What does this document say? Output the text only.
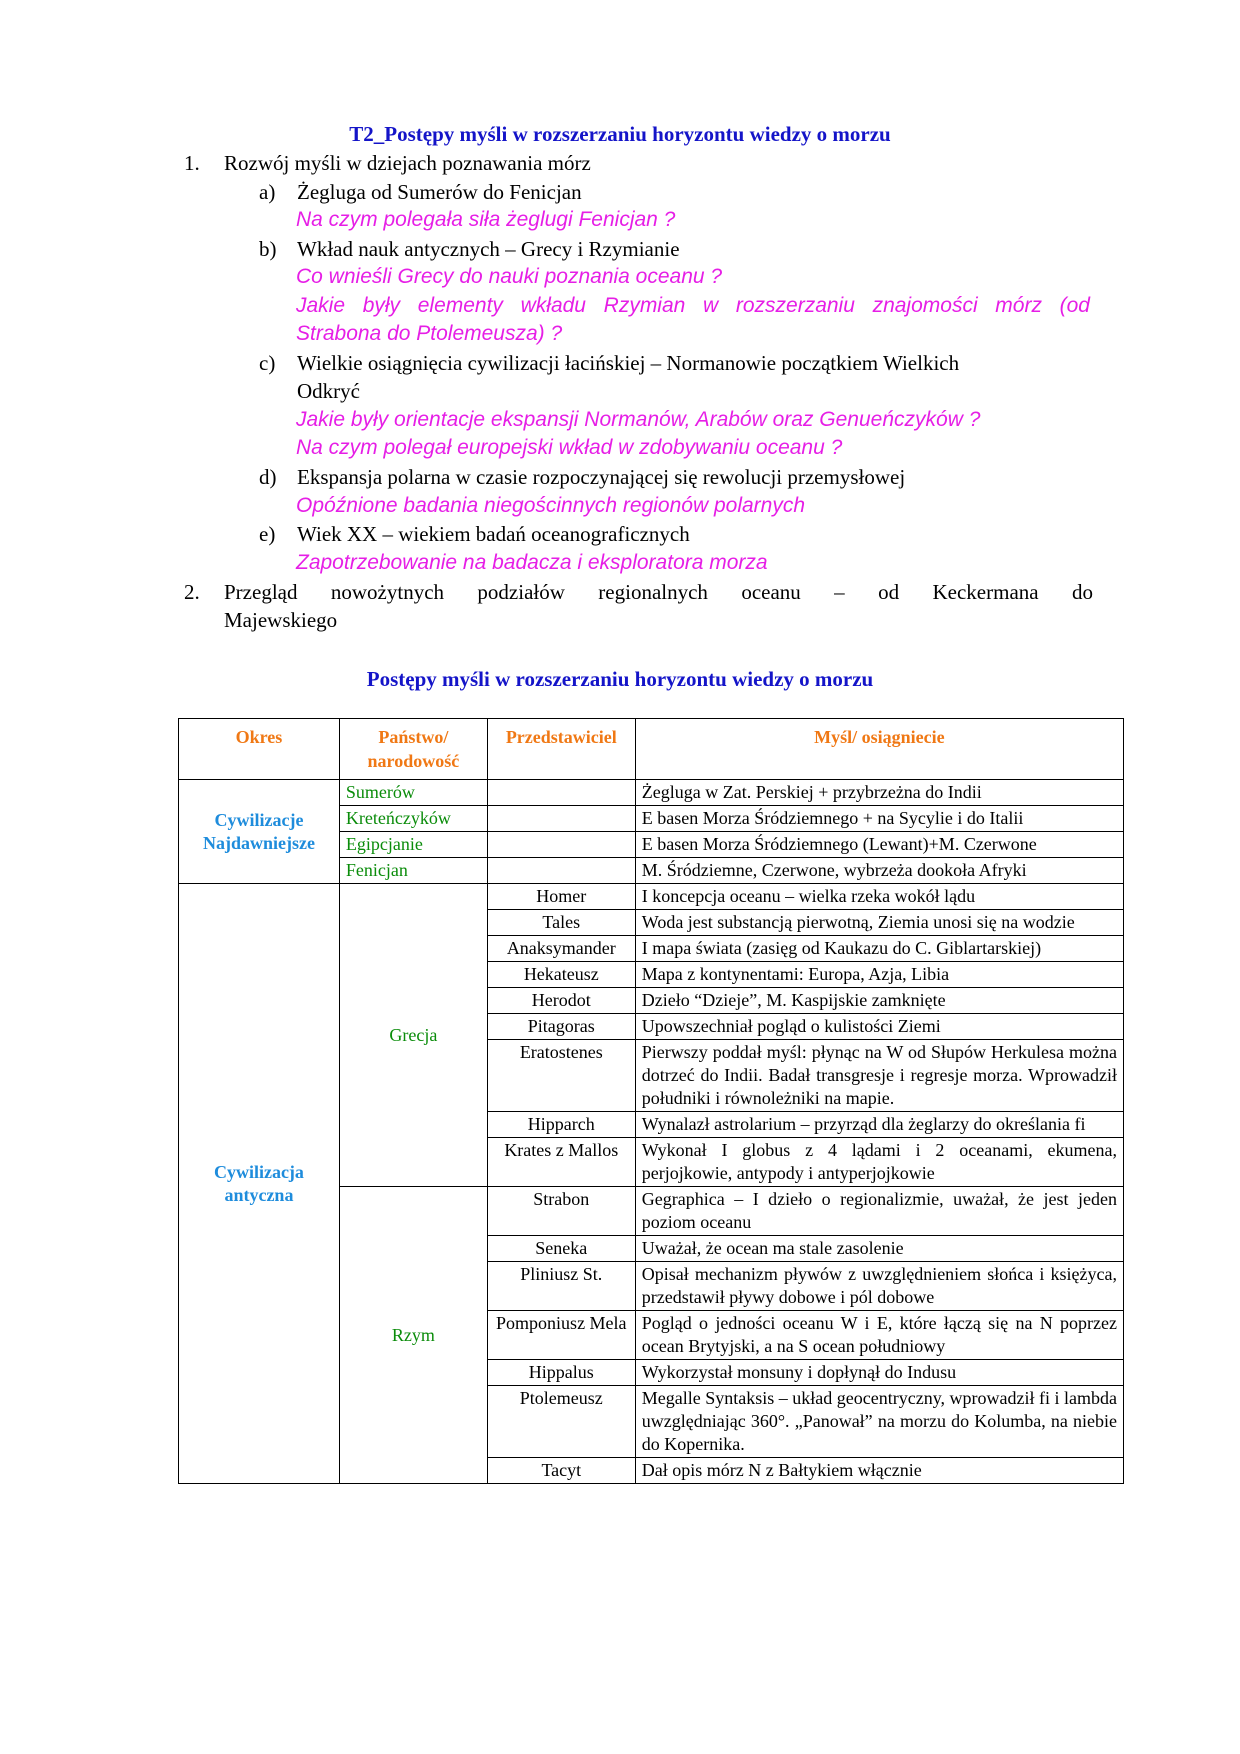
T2_Postępy myśli w rozszerzaniu horyzontu wiedzy o morzu
1. Rozwój myśli w dziejach poznawania mórz
a) Żegluga od Sumerów do Fenicjan
Na czym polegała siła żeglugi Fenicjan ?
b) Wkład nauk antycznych – Grecy i Rzymianie
Co wnieśli Grecy do nauki poznania oceanu ?
Jakie były elementy wkładu Rzymian w rozszerzaniu znajomości mórz (od
Strabona do Ptolemeusza) ?
c) Wielkie osiągnięcia cywilizacji łacińskiej – Normanowie początkiem Wielkich
Odkryć
Jakie były orientacje ekspansji Normanów, Arabów oraz Genueńczyków ?
Na czym polegał europejski wkład w zdobywaniu oceanu ?
d) Ekspansja polarna w czasie rozpoczynającej się rewolucji przemysłowej
Opóźnione badania niegościnnych regionów polarnych
e) Wiek XX – wiekiem badań oceanograficznych
Zapotrzebowanie na badacza i eksploratora morza
2. Przegląd nowożytnych podziałów regionalnych oceanu – od Keckermana do
Majewskiego
Postępy myśli w rozszerzaniu horyzontu wiedzy o morzu
Okres	Państwo/ narodowość	Przedstawiciel	Myśl/ osiągniecie
Cywilizacje Najdawniejsze	Sumerów		Żegluga w Zat. Perskiej + przybrzeżna do Indii
	Kreteńczyków		E basen Morza Śródziemnego + na Sycylie i do Italii
	Egipcjanie		E basen Morza Śródziemnego (Lewant)+M. Czerwone
	Fenicjan		M. Śródziemne, Czerwone, wybrzeża dookoła Afryki
Cywilizacja antyczna	Grecja	Homer	I koncepcja oceanu – wielka rzeka wokół lądu
		Tales	Woda jest substancją pierwotną, Ziemia unosi się na wodzie
		Anaksymander	I mapa świata (zasięg od Kaukazu do C. Giblartarskiej)
		Hekateusz	Mapa z kontynentami: Europa, Azja, Libia
		Herodot	Dzieło “Dzieje”, M. Kaspijskie zamknięte
		Pitagoras	Upowszechniał pogląd o kulistości Ziemi
		Eratostenes	Pierwszy poddał myśl: płynąc na W od Słupów Herkulesa można dotrzeć do Indii. Badał transgresje i regresje morza. Wprowadził południki i równoleżniki na mapie.
		Hipparch	Wynalazł astrolarium – przyrząd dla żeglarzy do określania fi
		Krates z Mallos	Wykonał I globus z 4 lądami i 2 oceanami, ekumena, perjojkowie, antypody i antyperjojkowie
	Rzym	Strabon	Gegraphica – I dzieło o regionalizmie, uważał, że jest jeden poziom oceanu
		Seneka	Uważał, że ocean ma stale zasolenie
		Pliniusz St.	Opisał mechanizm pływów z uwzględnieniem słońca i księżyca, przedstawił pływy dobowe i pól dobowe
		Pomponiusz Mela	Pogląd o jedności oceanu W i E, które łączą się na N poprzez ocean Brytyjski, a na S ocean południowy
		Hippalus	Wykorzystał monsuny i dopłynął do Indusu
		Ptolemeusz	Megalle Syntaksis – układ geocentryczny, wprowadził fi i lambda uwzględniając 360°. „Panował” na morzu do Kolumba, na niebie do Kopernika.
		Tacyt	Dał opis mórz N z Bałtykiem włącznie
